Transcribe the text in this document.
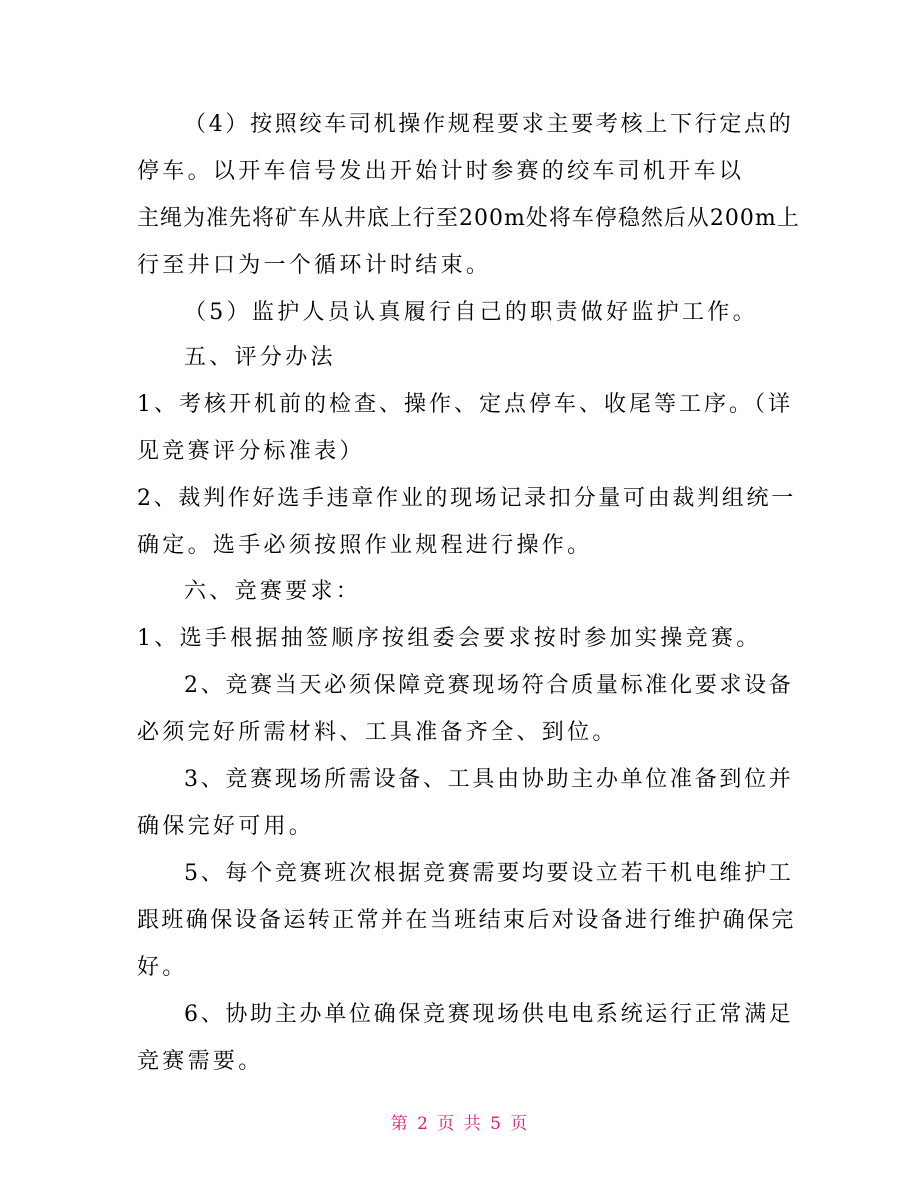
（4）按照绞车司机操作规程要求主要考核上下行定点的
停车。以开车信号发出开始计时参赛的绞车司机开车以
主绳为准先将矿车从井底上行至200m处将车停稳然后从200m上
行至井口为一个循环计时结束。
（5）监护人员认真履行自己的职责做好监护工作。
五、评分办法
1、考核开机前的检查、操作、定点停车、收尾等工序。（详
见竞赛评分标准表）
2、裁判作好选手违章作业的现场记录扣分量可由裁判组统一
确定。选手必须按照作业规程进行操作。
六、竞赛要求：
1、选手根据抽签顺序按组委会要求按时参加实操竞赛。
2、竞赛当天必须保障竞赛现场符合质量标准化要求设备
必须完好所需材料、工具准备齐全、到位。
3、竞赛现场所需设备、工具由协助主办单位准备到位并
确保完好可用。
5、每个竞赛班次根据竞赛需要均要设立若干机电维护工
跟班确保设备运转正常并在当班结束后对设备进行维护确保完
好。
6、协助主办单位确保竞赛现场供电电系统运行正常满足
竞赛需要。
第 2 页 共 5 页
